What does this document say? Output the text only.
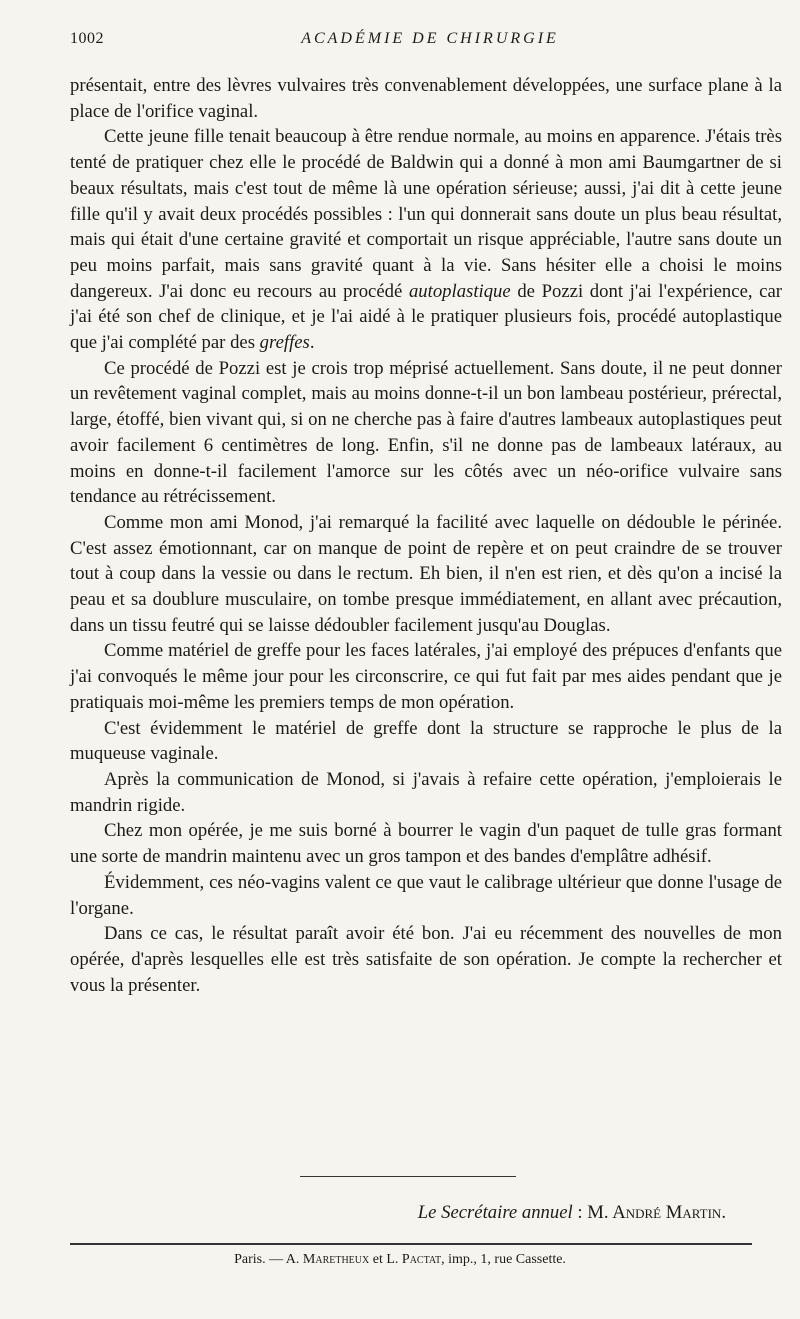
1002	ACADÉMIE DE CHIRURGIE

présentait, entre des lèvres vulvaires très convenablement développées, une surface plane à la place de l'orifice vaginal.

Cette jeune fille tenait beaucoup à être rendue normale, au moins en apparence. J'étais très tenté de pratiquer chez elle le procédé de Baldwin qui a donné à mon ami Baumgartner de si beaux résultats, mais c'est tout de même là une opération sérieuse; aussi, j'ai dit à cette jeune fille qu'il y avait deux procédés possibles : l'un qui donnerait sans doute un plus beau résultat, mais qui était d'une certaine gravité et comportait un risque appréciable, l'autre sans doute un peu moins parfait, mais sans gravité quant à la vie. Sans hésiter elle a choisi le moins dangereux. J'ai donc eu recours au procédé autoplastique de Pozzi dont j'ai l'expérience, car j'ai été son chef de clinique, et je l'ai aidé à le pratiquer plusieurs fois, procédé autoplastique que j'ai complété par des greffes.

Ce procédé de Pozzi est je crois trop méprisé actuellement. Sans doute, il ne peut donner un revêtement vaginal complet, mais au moins donne-t-il un bon lambeau postérieur, prérectal, large, étoffé, bien vivant qui, si on ne cherche pas à faire d'autres lambeaux autoplastiques peut avoir facilement 6 centimètres de long. Enfin, s'il ne donne pas de lambeaux latéraux, au moins en donne-t-il facilement l'amorce sur les côtés avec un néo-orifice vulvaire sans tendance au rétrécissement.

Comme mon ami Monod, j'ai remarqué la facilité avec laquelle on dédouble le périnée. C'est assez émotionnant, car on manque de point de repère et on peut craindre de se trouver tout à coup dans la vessie ou dans le rectum. Eh bien, il n'en est rien, et dès qu'on a incisé la peau et sa doublure musculaire, on tombe presque immédiatement, en allant avec précaution, dans un tissu feutré qui se laisse dédoubler facilement jusqu'au Douglas.

Comme matériel de greffe pour les faces latérales, j'ai employé des prépuces d'enfants que j'ai convoqués le même jour pour les circonscrire, ce qui fut fait par mes aides pendant que je pratiquais moi-même les premiers temps de mon opération.

C'est évidemment le matériel de greffe dont la structure se rapproche le plus de la muqueuse vaginale.

Après la communication de Monod, si j'avais à refaire cette opération, j'emploierais le mandrin rigide.

Chez mon opérée, je me suis borné à bourrer le vagin d'un paquet de tulle gras formant une sorte de mandrin maintenu avec un gros tampon et des bandes d'emplâtre adhésif.

Évidemment, ces néo-vagins valent ce que vaut le calibrage ultérieur que donne l'usage de l'organe.

Dans ce cas, le résultat paraît avoir été bon. J'ai eu récemment des nouvelles de mon opérée, d'après lesquelles elle est très satisfaite de son opération. Je compte la rechercher et vous la présenter.

Le Secrétaire annuel : M. André Martin.
Paris. — A. Maretheux et L. Pactat, imp., 1, rue Cassette.
